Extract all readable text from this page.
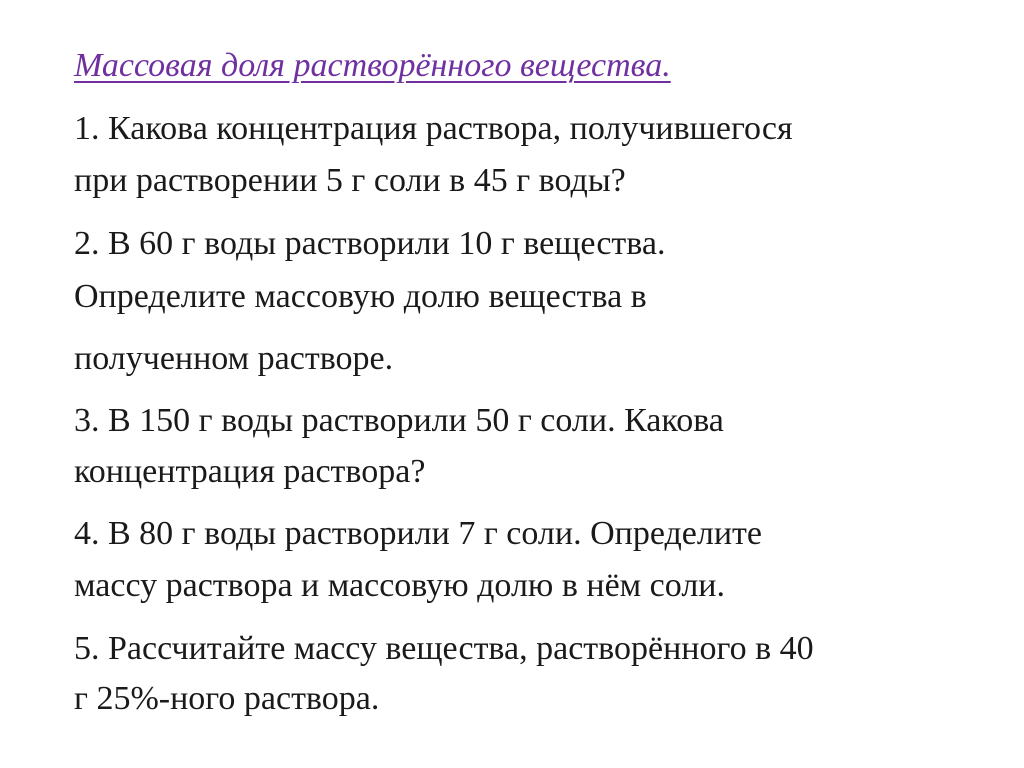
Массовая доля растворённого вещества.
1. Какова концентрация раствора, получившегося
при растворении 5 г соли в 45 г воды?
2. В 60 г воды растворили 10 г вещества.
Определите массовую долю вещества в
полученном растворе.
3. В 150 г воды растворили 50 г соли. Какова
концентрация раствора?
4. В 80 г воды растворили 7 г соли. Определите
массу раствора и массовую долю в нём соли.
5. Рассчитайте массу вещества, растворённого в 40
г 25%-ного раствора.
